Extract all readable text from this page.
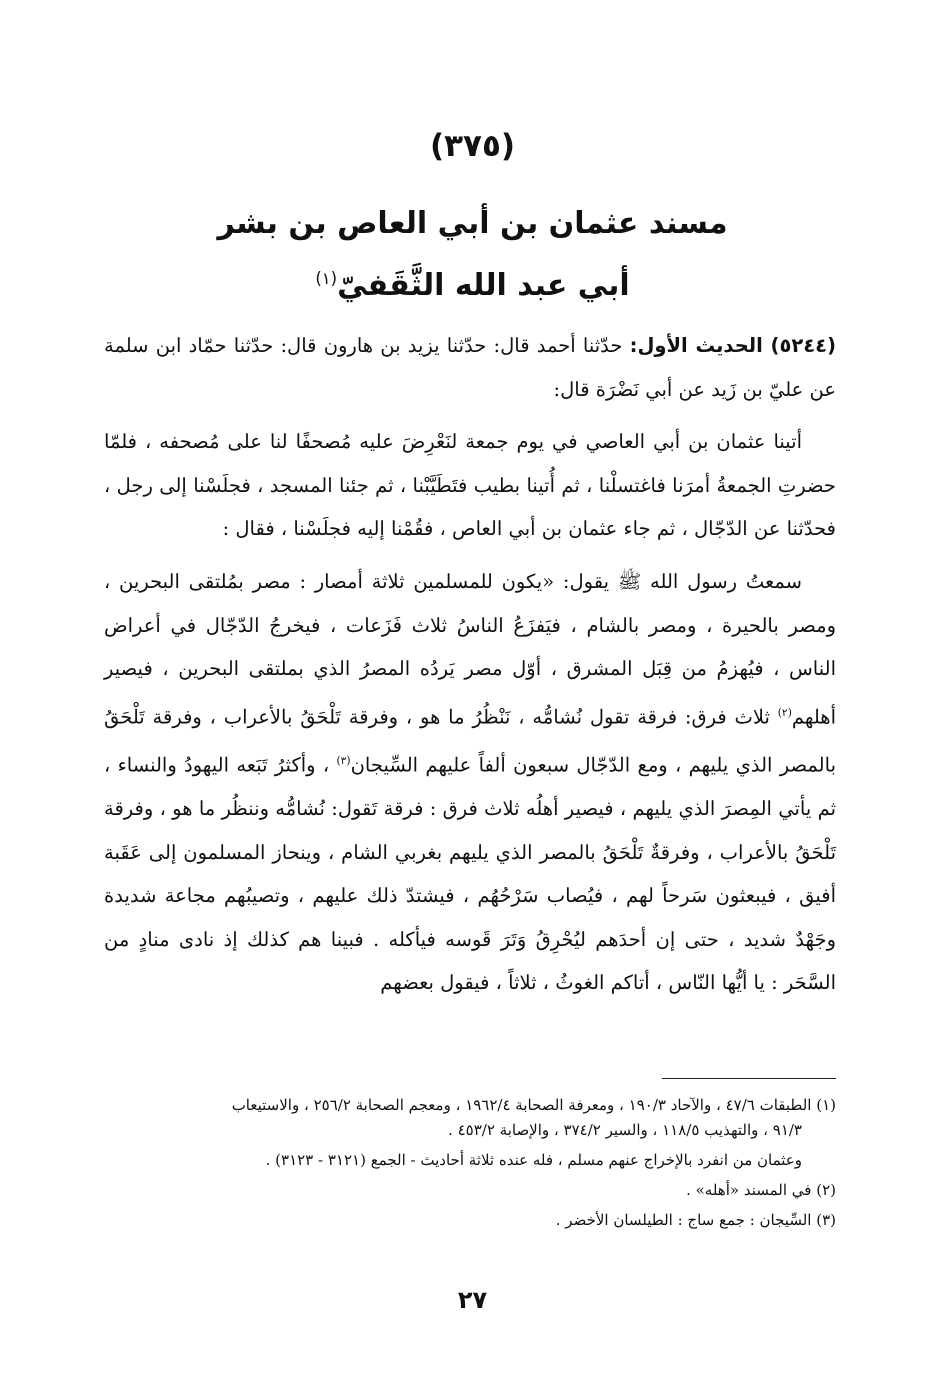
(٣٧٥)
مسند عثمان بن أبي العاص بن بشر
أبي عبد الله الثَّقَفيّ$^{(١)}$

(٥٢٤٤) الحديث الأول: حدّثنا أحمد قال: حدّثنا يزيد بن هارون قال: حدّثنا حمّاد ابن سلمة عن عليّ بن زَيد عن أبي نَضْرَة قال:

أتينا عثمان بن أبي العاصي في يوم جمعة لنَعْرِضَ عليه مُصحفًا لنا على مُصحفه ، فلمّا حضرتِ الجمعةُ أمرَنا فاغتسلْنا ، ثم أُتينا بطيب فتَطَيَّبْنا ، ثم جئنا المسجد ، فجلَسْنا إلى رجل ، فحدّثنا عن الدّجّال ، ثم جاء عثمان بن أبي العاص ، فقُمْنا إليه فجلَسْنا ، فقال :

سمعتُ رسول الله ﷺ يقول: «يكون للمسلمين ثلاثة أمصار : مصر بمُلتقى البحرين ، ومصر بالحيرة ، ومصر بالشام ، فيَفزَعُ الناسُ ثلاث فَزَعات ، فيخرجُ الدّجّال في أعراض الناس ، فيُهزمُ من قِبَل المشرق ، أوّل مصر يَردُه المصرُ الذي بملتقى البحرين ، فيصير أهلهم$^{(٢)}$ ثلاث فرق: فرقة تقول نُشامُّه ، نَنْظُرُ ما هو ، وفرقة تَلْحَقُ بالأعراب ، وفرقة تَلْحَقُ بالمصر الذي يليهم ، ومع الدّجّال سبعون ألفاً عليهم السِّيجان$^{(٣)}$ ، وأكثرُ تَبَعه اليهودُ والنساء ، ثم يأتي المِصرَ الذي يليهم ، فيصير أهلُه ثلاث فرق : فرقة تَقول: نُشامُّه وننظُر ما هو ، وفرقة تَلْحَقُ بالأعراب ، وفرقةٌ تَلْحَقُ بالمصر الذي يليهم بغربي الشام ، وينحاز المسلمون إلى عَقَبة أفيق ، فيبعثون سَرحاً لهم ، فيُصاب سَرْحُهُم ، فيشتدّ ذلك عليهم ، وتصيبُهم مجاعة شديدة وجَهْدٌ شديد ، حتى إن أحدَهم ليُحْرِقُ وَتَرَ قَوسه فيأكله . فبينا هم كذلك إذ نادى منادٍ من السَّحَر : يا أيُّها النّاس ، أتاكم الغوثُ ، ثلاثاً ، فيقول بعضهم

(١) الطبقات ٤٧/٦ ، والآحاد ١٩٠/٣ ، ومعرفة الصحابة ١٩٦٢/٤ ، ومعجم الصحابة ٢٥٦/٢ ، والاستيعاب
٩١/٣ ، والتهذيب ١١٨/٥ ، والسير ٣٧٤/٢ ، والإصابة ٤٥٣/٢ .

وعثمان من انفرد بالإخراج عنهم مسلم ، فله عنده ثلاثة أحاديث - الجمع (٣١٢١ - ٣١٢٣) .

(٢) في المسند «أهله» .

(٣) السِّيجان : جمع ساج : الطيلسان الأخضر .

٢٧
